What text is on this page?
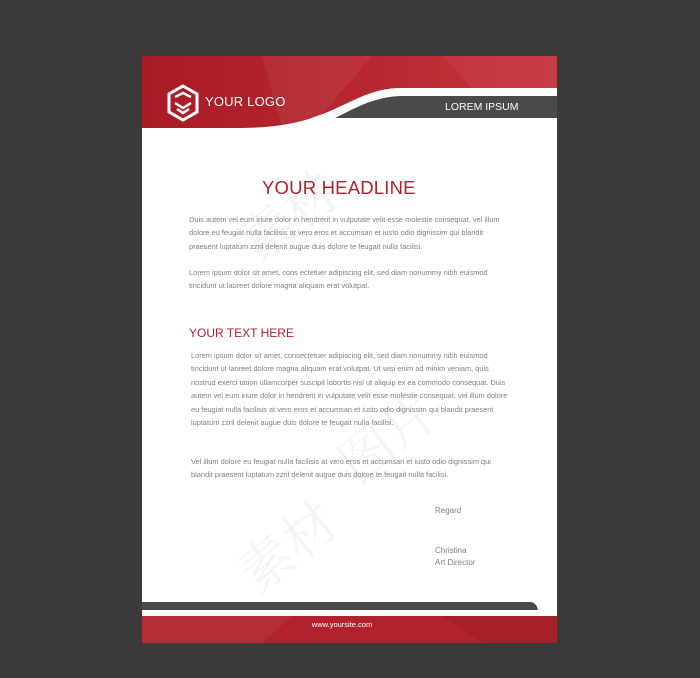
YOUR LOGO	LOREM IPSUM
YOUR HEADLINE
Duis autem vel eum iriure dolor in hendrerit in vulputate velit esse molestie consequat, vel illum dolore eu feugiat nulla facilisis at vero eros et accumsan et iusto odio dignissim qui blandit praesent luptatum zzril delenit augue duis dolore te feugait nulla facilisi.
Lorem ipsum dolor sit amet, cons ectetuer adipiscing elit, sed diam nonummy nibh euismod tincidunt ut laoreet dolore magna aliquam erat volutpat.
YOUR TEXT HERE
Lorem ipsum dolor sit amet, consectetuer adipiscing elit, sed diam nonummy nibh euismod tincidunt ut laoreet dolore magna aliquam erat volutpat. Ut wisi enim ad minim veniam, quis nostrud exerci tation ullamcorper suscipit lobortis nisl ut aliquip ex ea commodo consequat. Duis autem vel eum iriure dolor in hendrerit in vulputate velit esse molestie consequat, vel illum dolore eu feugiat nulla facilisis at vero eros et accumsan et iusto odio dignissim qui blandit praesent luptatum zzril delenit augue duis dolore te feugait nulla facilisi.
Vel illum dolore eu feugiat nulla facilisis at vero eros et accumsan et iusto odio dignissim qui blandit praesent luptatum zzril delenit augue duis dolore te feugait nulla facilisi.
Regard
Christina
Art Director
www.yoursite.com
